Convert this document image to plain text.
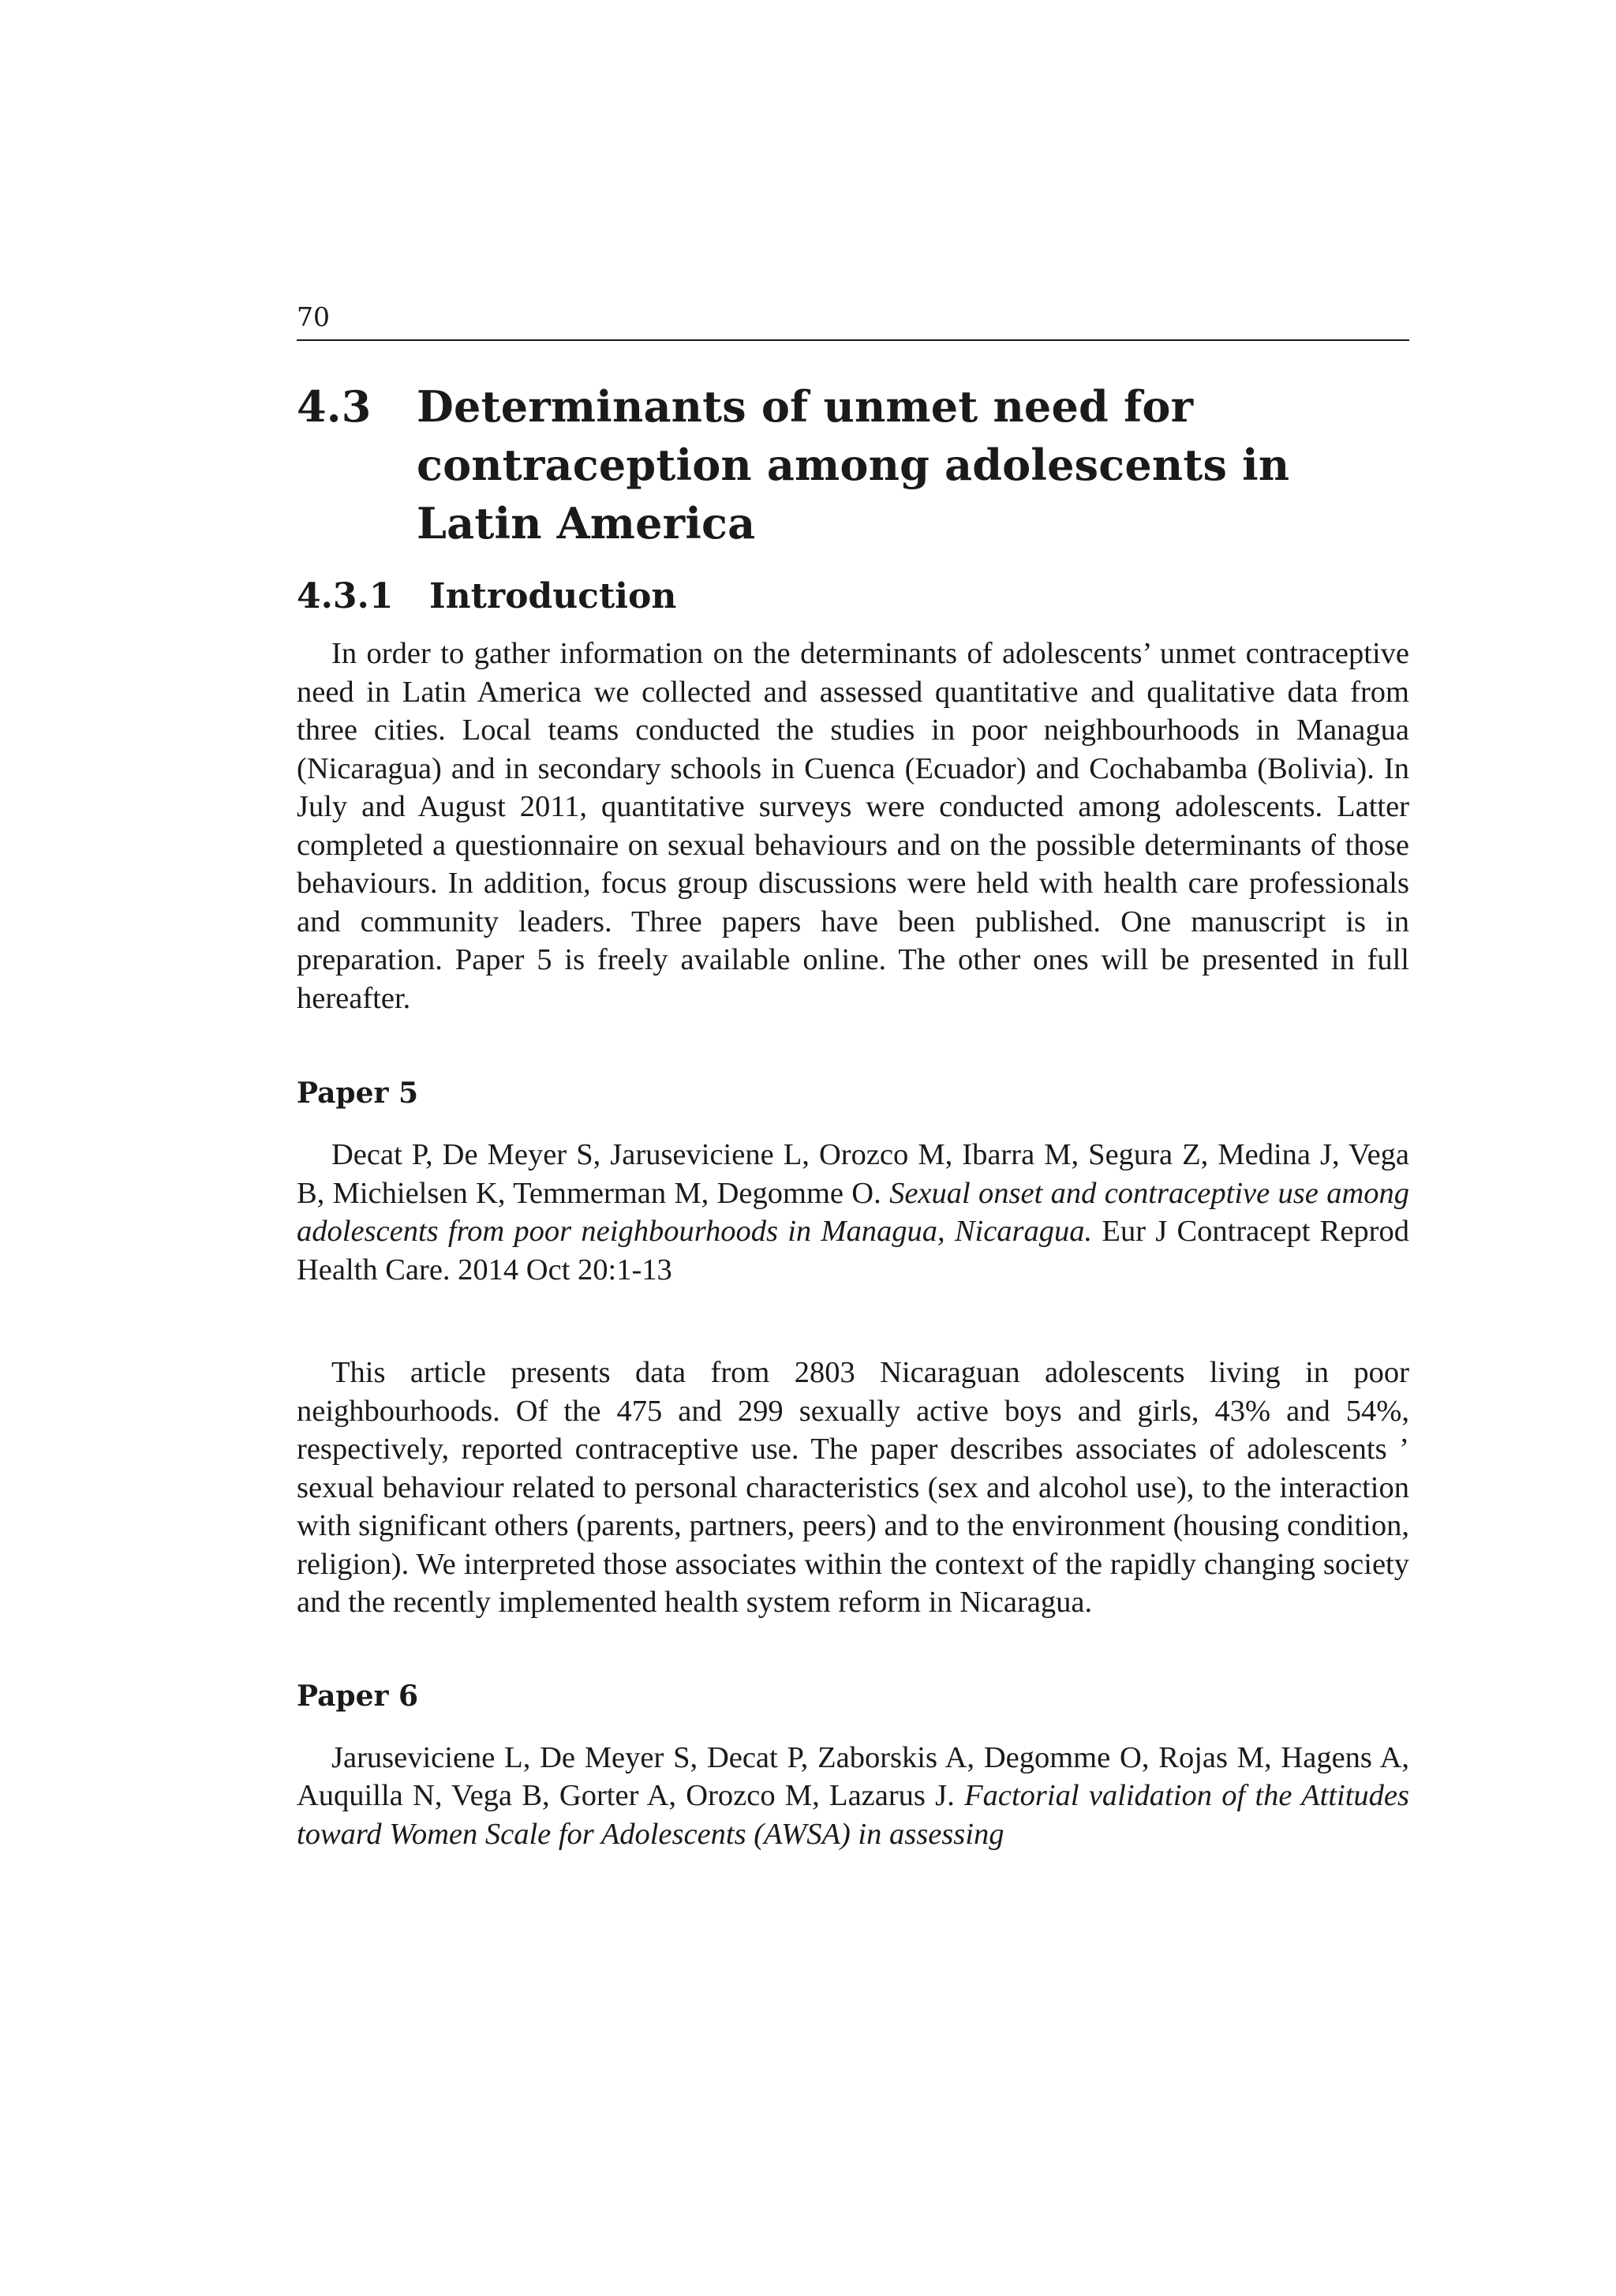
70
4.3	Determinants of unmet need for contraception among adolescents in Latin America
4.3.1	Introduction

In order to gather information on the determinants of adolescents’ unmet contraceptive need in Latin America we collected and assessed quantitative and qualitative data from three cities. Local teams conducted the studies in poor neighbourhoods in Managua (Nicaragua) and in secondary schools in Cuenca (Ecuador) and Cochabamba (Bolivia). In July and August 2011, quantitative surveys were conducted among adolescents. Latter completed a questionnaire on sexual behaviours and on the possible determinants of those behaviours. In addition, focus group discussions were held with health care professionals and community leaders. Three papers have been published. One manuscript is in preparation. Paper 5 is freely available online. The other ones will be presented in full hereafter.

Paper 5

Decat P, De Meyer S, Jaruseviciene L, Orozco M, Ibarra M, Segura Z, Medina J, Vega B, Michielsen K, Temmerman M, Degomme O. Sexual onset and contraceptive use among adolescents from poor neighbourhoods in Managua, Nicaragua. Eur J Contracept Reprod Health Care. 2014 Oct 20:1-13

This article presents data from 2803 Nicaraguan adolescents living in poor neighbourhoods. Of the 475 and 299 sexually active boys and girls, 43% and 54%, respectively, reported contraceptive use. The paper describes associates of adolescents ’ sexual behaviour related to personal characteristics (sex and alcohol use), to the interaction with significant others (parents, partners, peers) and to the environment (housing condition, religion). We interpreted those associates within the context of the rapidly changing society and the recently implemented health system reform in Nicaragua.

Paper 6

Jaruseviciene L, De Meyer S, Decat P, Zaborskis A, Degomme O, Rojas M, Hagens A, Auquilla N, Vega B, Gorter A, Orozco M, Lazarus J. Factorial validation of the Attitudes toward Women Scale for Adolescents (AWSA) in assessing
